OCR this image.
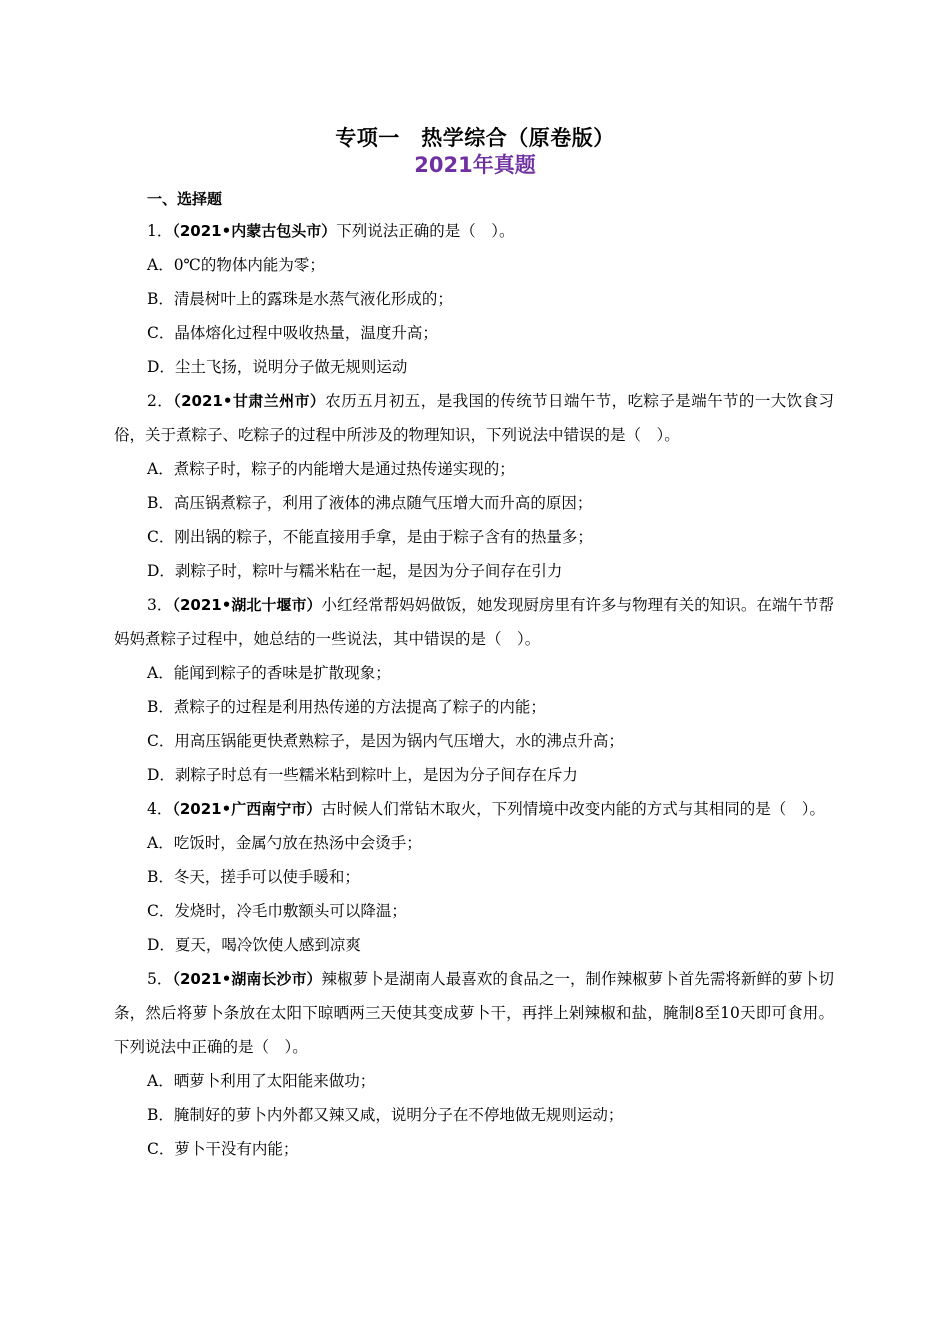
专项一　热学综合（原卷版）
2021年真题
一、选择题
1．（2021•内蒙古包头市）下列说法正确的是（　）。
A．0℃的物体内能为零；
B．清晨树叶上的露珠是水蒸气液化形成的；
C．晶体熔化过程中吸收热量，温度升高；
D．尘土飞扬，说明分子做无规则运动
2．（2021•甘肃兰州市）农历五月初五，是我国的传统节日端午节，吃粽子是端午节的一大饮食习俗，关于煮粽子、吃粽子的过程中所涉及的物理知识，下列说法中错误的是（　）。
A．煮粽子时，粽子的内能增大是通过热传递实现的；
B．高压锅煮粽子，利用了液体的沸点随气压增大而升高的原因；
C．刚出锅的粽子，不能直接用手拿，是由于粽子含有的热量多；
D．剥粽子时，粽叶与糯米粘在一起，是因为分子间存在引力
3．（2021•湖北十堰市）小红经常帮妈妈做饭，她发现厨房里有许多与物理有关的知识。在端午节帮妈妈煮粽子过程中，她总结的一些说法，其中错误的是（　）。
A．能闻到粽子的香味是扩散现象；
B．煮粽子的过程是利用热传递的方法提高了粽子的内能；
C．用高压锅能更快煮熟粽子，是因为锅内气压增大，水的沸点升高；
D．剥粽子时总有一些糯米粘到粽叶上，是因为分子间存在斥力
4．（2021•广西南宁市）古时候人们常钻木取火，下列情境中改变内能的方式与其相同的是（　）。
A．吃饭时，金属勺放在热汤中会烫手；
B．冬天，搓手可以使手暖和；
C．发烧时，冷毛巾敷额头可以降温；
D．夏天，喝冷饮使人感到凉爽
5．（2021•湖南长沙市）辣椒萝卜是湖南人最喜欢的食品之一，制作辣椒萝卜首先需将新鲜的萝卜切条，然后将萝卜条放在太阳下晾晒两三天使其变成萝卜干，再拌上剁辣椒和盐，腌制8至10天即可食用。下列说法中正确的是（　）。
A．晒萝卜利用了太阳能来做功；
B．腌制好的萝卜内外都又辣又咸，说明分子在不停地做无规则运动；
C．萝卜干没有内能；
